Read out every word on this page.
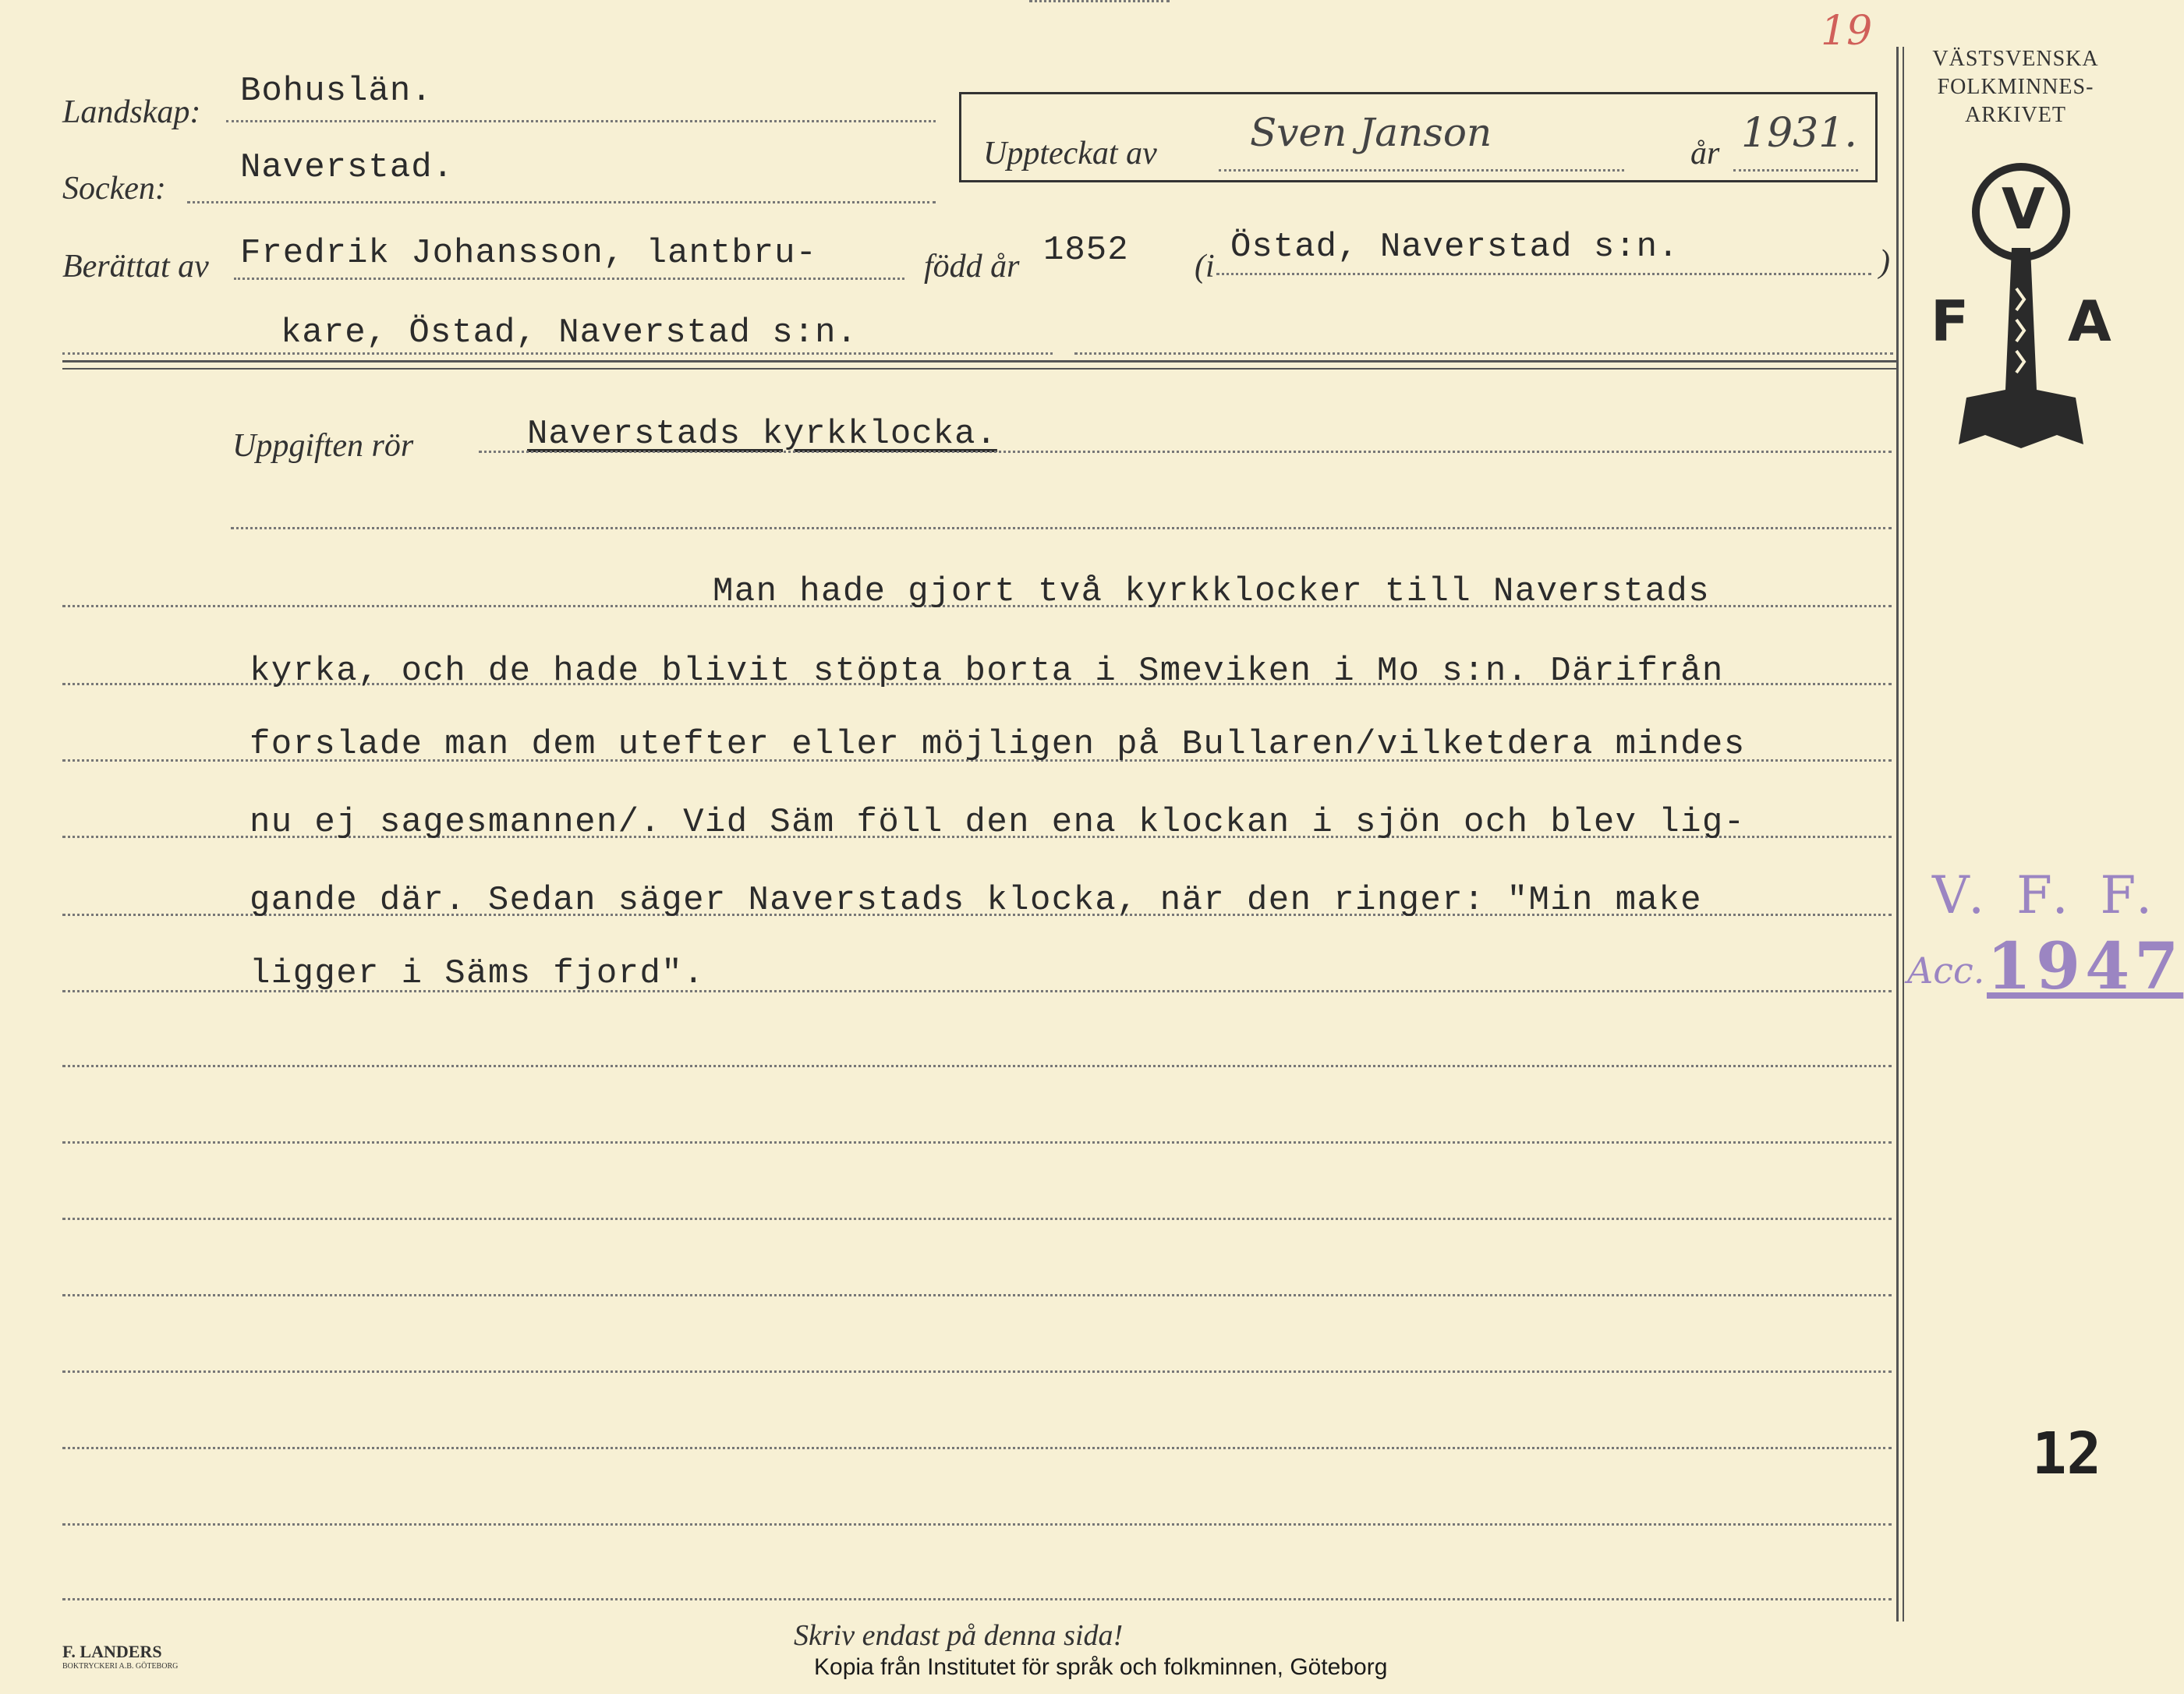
19
Landskap:
Bohuslän.
Socken:
Naverstad.	Uppteckat av Sven Janson	år 1931.
Berättat av Fredrik Johansson, lantbru-	född år 1852 (i Östad, Naverstad s:n.	)
kare, Östad, Naverstad s:n.
Uppgiften rör	Naverstads kyrkklocka.
Man hade gjort två kyrkklocker till Naverstads
kyrka, och de hade blivit stöpta borta i Smeviken i Mo s:n. Därifrån
forslade man dem utefter eller möjligen på Bullaren/vilketdera mindes
nu ej sagesmannen/. Vid Säm föll den ena klockan i sjön och blev lig-
gande där. Sedan säger Naverstads klocka, när den ringer: "Min make
ligger i Säms fjord".
VÄSTSVENSKA
FOLKMINNES-
ARKIVET
V
F A
V. F. F.
Acc. 1947
12
Skriv endast på denna sida!
Kopia från Institutet för språk och folkminnen, Göteborg
F. LANDERS
BOKTRYCKERI A.B. GÖTEBORG
